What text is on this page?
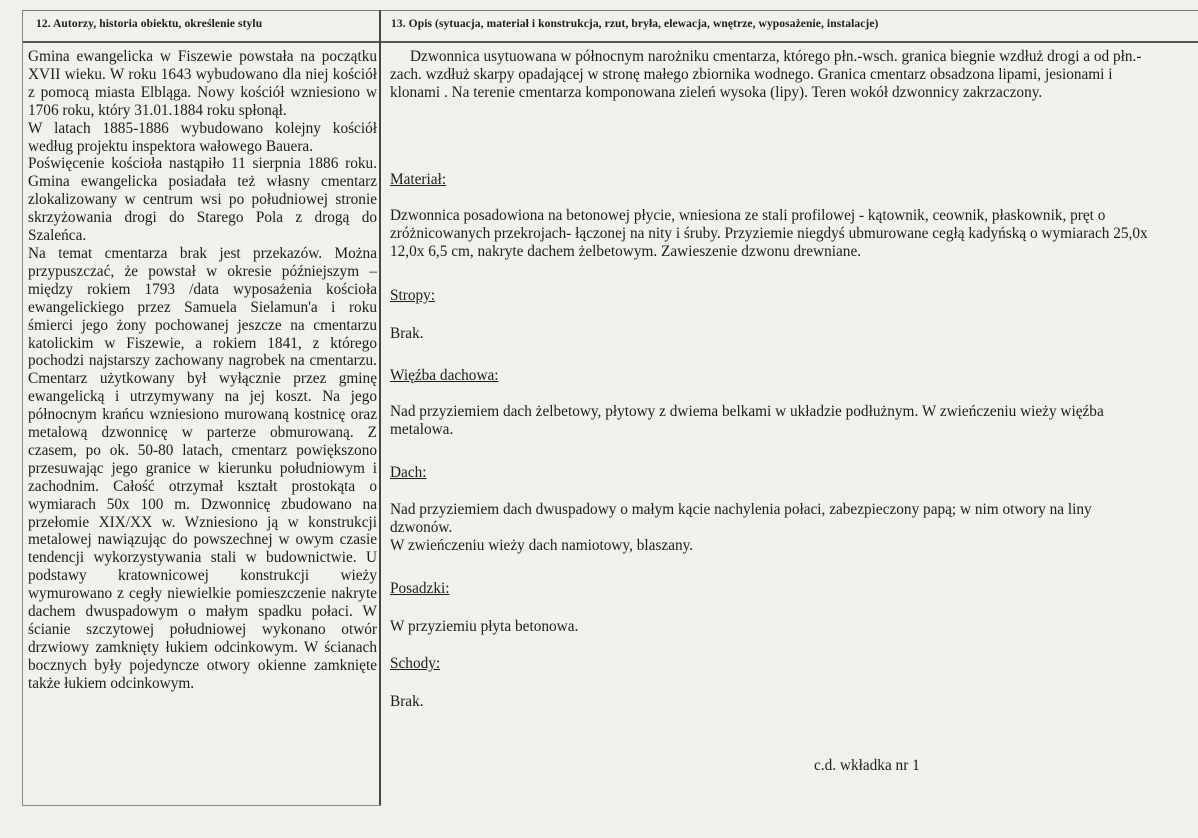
12. Autorzy, historia obiektu, określenie stylu	13. Opis (sytuacja, materiał i konstrukcja, rzut, bryła, elewacja, wnętrze, wyposażenie, instalacje)

Gmina ewangelicka w Fiszewie powstała na początku XVII wieku. W roku 1643 wybudowano dla niej kościół z pomocą miasta Elbląga. Nowy kościół wzniesiono w 1706 roku, który 31.01.1884 roku spłonął.

W latach 1885-1886 wybudowano kolejny kościół według projektu inspektora wałowego Bauera.

Poświęcenie kościoła nastąpiło 11 sierpnia 1886 roku. Gmina ewangelicka posiadała też własny cmentarz zlokalizowany w centrum wsi po południowej stronie skrzyżowania drogi do Starego Pola z drogą do Szaleńca.

Na temat cmentarza brak jest przekazów. Można przypuszczać, że powstał w okresie późniejszym – między rokiem 1793 /data wyposażenia kościoła ewangelickiego przez Samuela Sielamun'a i roku śmierci jego żony pochowanej jeszcze na cmentarzu katolickim w Fiszewie, a rokiem 1841, z którego pochodzi najstarszy zachowany nagrobek na cmentarzu. Cmentarz użytkowany był wyłącznie przez gminę ewangelicką i utrzymywany na jej koszt. Na jego północnym krańcu wzniesiono murowaną kostnicę oraz metalową dzwonnicę w parterze obmurowaną. Z czasem, po ok. 50-80 latach, cmentarz powiększono przesuwając jego granice w kierunku południowym i zachodnim. Całość otrzymał kształt prostokąta o wymiarach 50x 100 m. Dzwonnicę zbudowano na przełomie XIX/XX w. Wzniesiono ją w konstrukcji metalowej nawiązując do powszechnej w owym czasie tendencji wykorzystywania stali w budownictwie. U podstawy kratownicowej konstrukcji wieży wymurowano z cegły niewielkie pomieszczenie nakryte dachem dwuspadowym o małym spadku połaci. W ścianie szczytowej południowej wykonano otwór drzwiowy zamknięty łukiem odcinkowym. W ścianach bocznych były pojedyncze otwory okienne zamknięte także łukiem odcinkowym.

Dzwonnica usytuowana w północnym narożniku cmentarza, którego płn.-wsch. granica biegnie wzdłuż drogi a od płn.-zach. wzdłuż skarpy opadającej w stronę małego zbiornika wodnego. Granica cmentarz obsadzona lipami, jesionami i klonami . Na terenie cmentarza komponowana zieleń wysoka (lipy). Teren wokół dzwonnicy zakrzaczony.

Materiał:

Dzwonnica posadowiona na betonowej płycie, wniesiona ze stali profilowej - kątownik, ceownik, płaskownik, pręt o zróżnicowanych przekrojach- łączonej na nity i śruby. Przyziemie niegdyś ubmurowane cegłą kadyńską o wymiarach 25,0x 12,0x 6,5 cm, nakryte dachem żelbetowym. Zawieszenie dzwonu drewniane.

Stropy:

Brak.

Więźba dachowa:

Nad przyziemiem dach żelbetowy, płytowy z dwiema belkami w układzie podłużnym. W zwieńczeniu wieży więźba metalowa.

Dach:

Nad przyziemiem dach dwuspadowy o małym kącie nachylenia połaci, zabezpieczony papą; w nim otwory na liny dzwonów.

W zwieńczeniu wieży dach namiotowy, blaszany.

Posadzki:

W przyziemiu płyta betonowa.

Schody:

Brak.

c.d. wkładka nr 1
